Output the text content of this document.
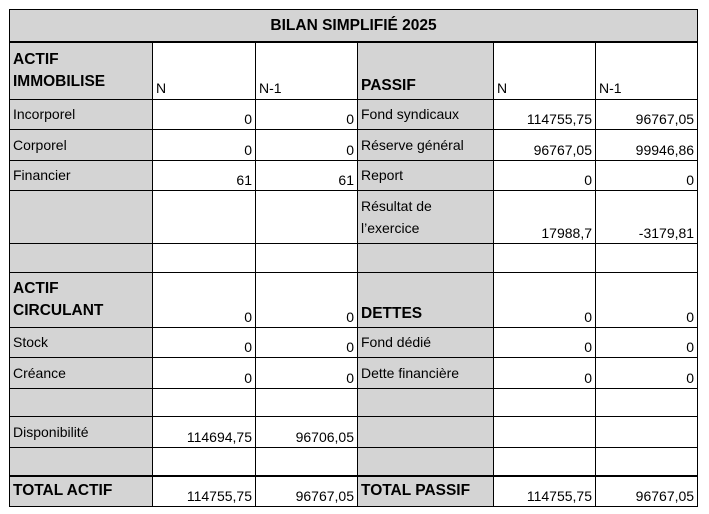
BILAN SIMPLIFIÉ 2025					
ACTIF IMMOBILISE	N	N-1	PASSIF	N	N-1
Incorporel	0	0	Fond syndicaux	114755,75	96767,05
Corporel	0	0	Réserve général	96767,05	99946,86
Financier	61	61	Report	0	0
			Résultat de l’exercice	17988,7	-3179,81

ACTIF CIRCULANT	0	0	DETTES	0	0
Stock	0	0	Fond dédié	0	0
Créance	0	0	Dette financière	0	0

Disponibilité	114694,75	96706,05			

TOTAL ACTIF	114755,75	96767,05	TOTAL PASSIF	114755,75	96767,05
